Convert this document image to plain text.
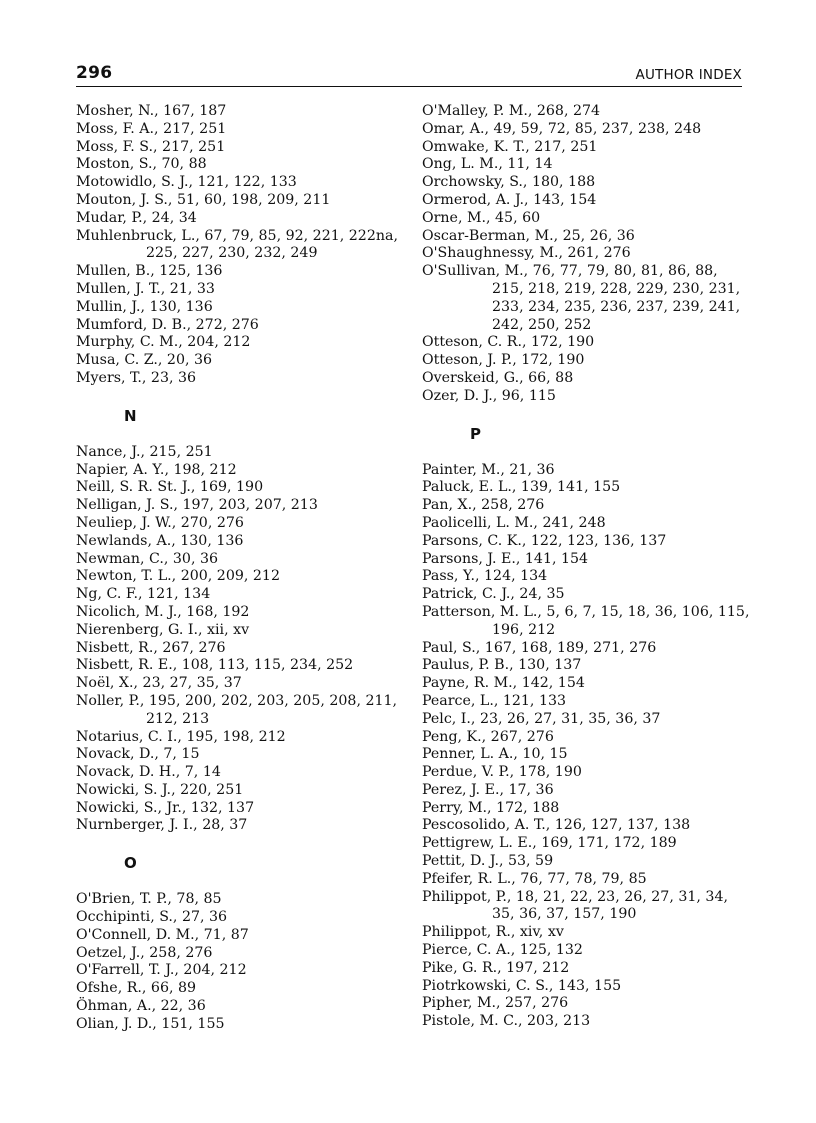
296	AUTHOR INDEX
Mosher, N., 167, 187
Moss, F. A., 217, 251
Moss, F. S., 217, 251
Moston, S., 70, 88
Motowidlo, S. J., 121, 122, 133
Mouton, J. S., 51, 60, 198, 209, 211
Mudar, P., 24, 34
Muhlenbruck, L., 67, 79, 85, 92, 221, 222na, 225, 227, 230, 232, 249
Mullen, B., 125, 136
Mullen, J. T., 21, 33
Mullin, J., 130, 136
Mumford, D. B., 272, 276
Murphy, C. M., 204, 212
Musa, C. Z., 20, 36
Myers, T., 23, 36
N
Nance, J., 215, 251
Napier, A. Y., 198, 212
Neill, S. R. St. J., 169, 190
Nelligan, J. S., 197, 203, 207, 213
Neuliep, J. W., 270, 276
Newlands, A., 130, 136
Newman, C., 30, 36
Newton, T. L., 200, 209, 212
Ng, C. F., 121, 134
Nicolich, M. J., 168, 192
Nierenberg, G. I., xii, xv
Nisbett, R., 267, 276
Nisbett, R. E., 108, 113, 115, 234, 252
Noël, X., 23, 27, 35, 37
Noller, P., 195, 200, 202, 203, 205, 208, 211, 212, 213
Notarius, C. I., 195, 198, 212
Novack, D., 7, 15
Novack, D. H., 7, 14
Nowicki, S. J., 220, 251
Nowicki, S., Jr., 132, 137
Nurnberger, J. I., 28, 37
O
O'Brien, T. P., 78, 85
Occhipinti, S., 27, 36
O'Connell, D. M., 71, 87
Oetzel, J., 258, 276
O'Farrell, T. J., 204, 212
Ofshe, R., 66, 89
Öhman, A., 22, 36
Olian, J. D., 151, 155
O'Malley, P. M., 268, 274
Omar, A., 49, 59, 72, 85, 237, 238, 248
Omwake, K. T., 217, 251
Ong, L. M., 11, 14
Orchowsky, S., 180, 188
Ormerod, A. J., 143, 154
Orne, M., 45, 60
Oscar-Berman, M., 25, 26, 36
O'Shaughnessy, M., 261, 276
O'Sullivan, M., 76, 77, 79, 80, 81, 86, 88, 215, 218, 219, 228, 229, 230, 231, 233, 234, 235, 236, 237, 239, 241, 242, 250, 252
Otteson, C. R., 172, 190
Otteson, J. P., 172, 190
Overskeid, G., 66, 88
Ozer, D. J., 96, 115
P
Painter, M., 21, 36
Paluck, E. L., 139, 141, 155
Pan, X., 258, 276
Paolicelli, L. M., 241, 248
Parsons, C. K., 122, 123, 136, 137
Parsons, J. E., 141, 154
Pass, Y., 124, 134
Patrick, C. J., 24, 35
Patterson, M. L., 5, 6, 7, 15, 18, 36, 106, 115, 196, 212
Paul, S., 167, 168, 189, 271, 276
Paulus, P. B., 130, 137
Payne, R. M., 142, 154
Pearce, L., 121, 133
Pelc, I., 23, 26, 27, 31, 35, 36, 37
Peng, K., 267, 276
Penner, L. A., 10, 15
Perdue, V. P., 178, 190
Perez, J. E., 17, 36
Perry, M., 172, 188
Pescosolido, A. T., 126, 127, 137, 138
Pettigrew, L. E., 169, 171, 172, 189
Pettit, D. J., 53, 59
Pfeifer, R. L., 76, 77, 78, 79, 85
Philippot, P., 18, 21, 22, 23, 26, 27, 31, 34, 35, 36, 37, 157, 190
Philippot, R., xiv, xv
Pierce, C. A., 125, 132
Pike, G. R., 197, 212
Piotrkowski, C. S., 143, 155
Pipher, M., 257, 276
Pistole, M. C., 203, 213
